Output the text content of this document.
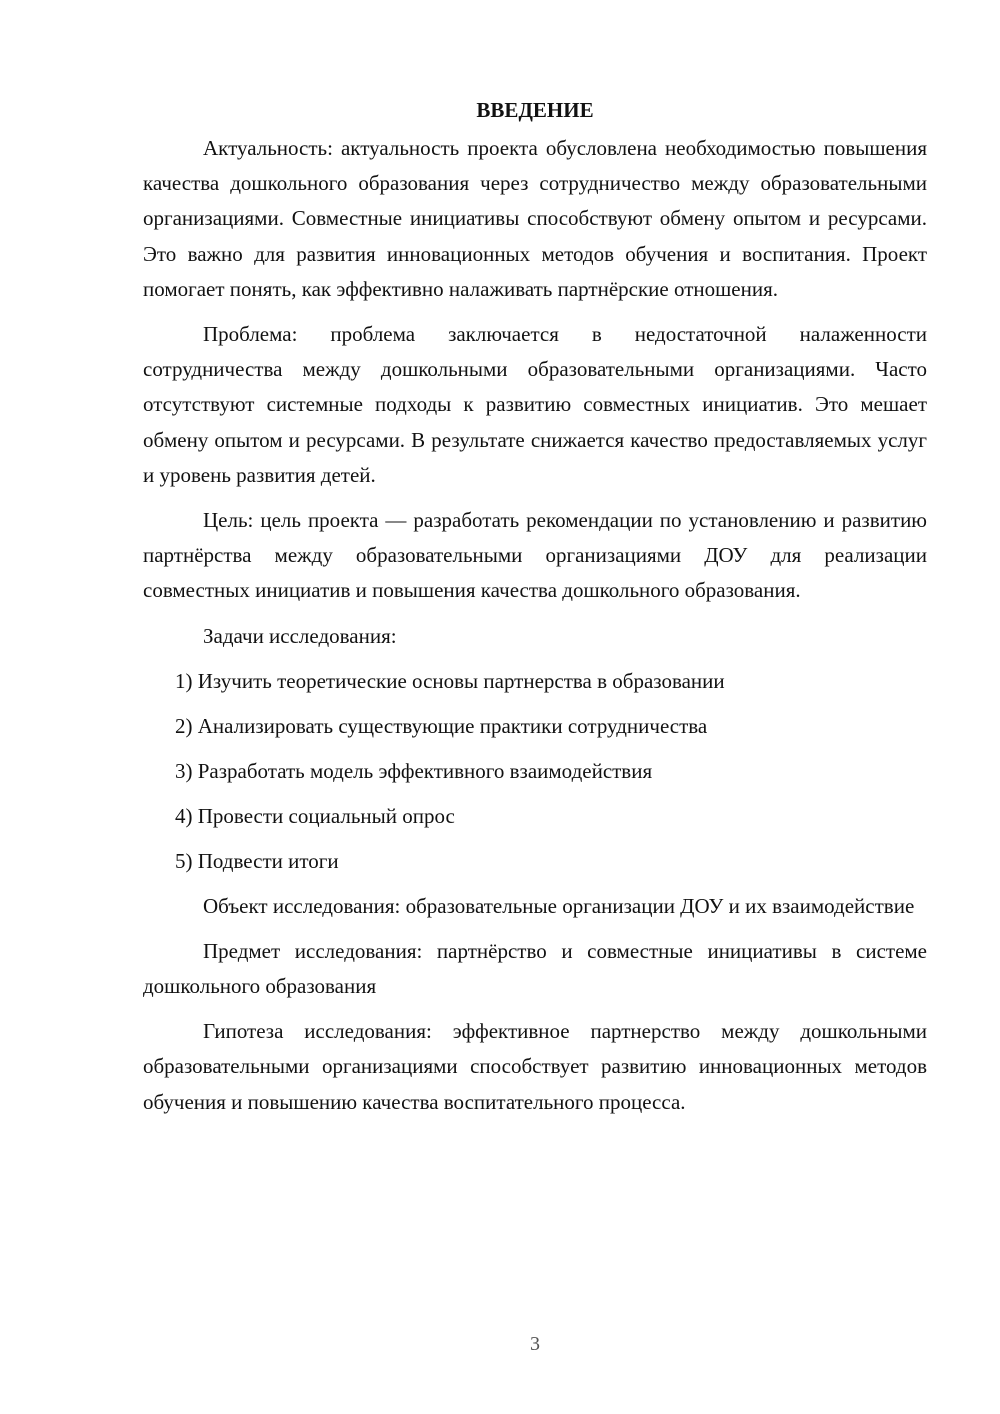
ВВЕДЕНИЕ

Актуальность: актуальность проекта обусловлена необходимостью повышения качества дошкольного образования через сотрудничество между образовательными организациями. Совместные инициативы способствуют обмену опытом и ресурсами. Это важно для развития инновационных методов обучения и воспитания. Проект помогает понять, как эффективно налаживать партнёрские отношения.

Проблема: проблема заключается в недостаточной налаженности сотрудничества между дошкольными образовательными организациями. Часто отсутствуют системные подходы к развитию совместных инициатив. Это мешает обмену опытом и ресурсами. В результате снижается качество предоставляемых услуг и уровень развития детей.

Цель: цель проекта — разработать рекомендации по установлению и развитию партнёрства между образовательными организациями ДОУ для реализации совместных инициатив и повышения качества дошкольного образования.

Задачи исследования:

1) Изучить теоретические основы партнерства в образовании
2) Анализировать существующие практики сотрудничества
3) Разработать модель эффективного взаимодействия
4) Провести социальный опрос
5) Подвести итоги

Объект исследования: образовательные организации ДОУ и их взаимодействие

Предмет исследования: партнёрство и совместные инициативы в системе дошкольного образования

Гипотеза исследования: эффективное партнерство между дошкольными образовательными организациями способствует развитию инновационных методов обучения и повышению качества воспитательного процесса.

3
